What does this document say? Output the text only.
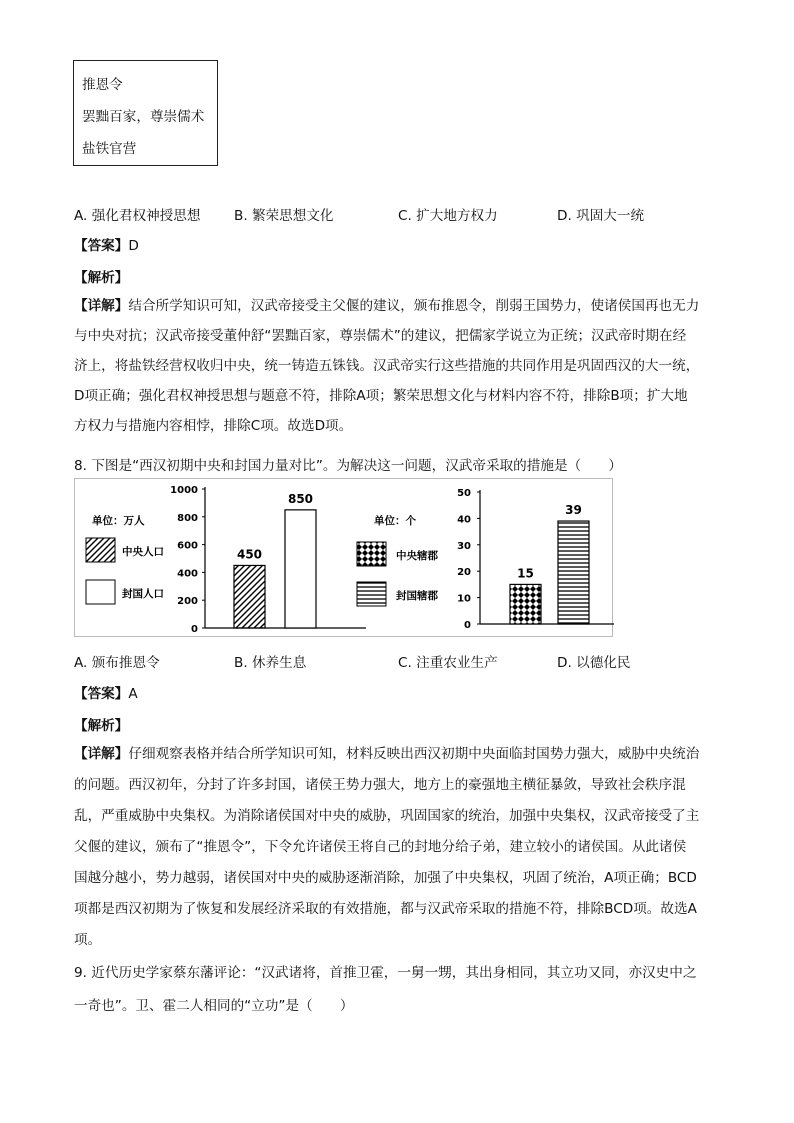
推恩令
罢黜百家，尊崇儒术
盐铁官营
A. 强化君权神授思想 B. 繁荣思想文化	C. 扩大地方权力	D. 巩固大一统
【答案】D
【解析】
【详解】结合所学知识可知，汉武帝接受主父偃的建议，颁布推恩令，削弱王国势力，使诸侯国再也无力
与中央对抗；汉武帝接受董仲舒“罢黜百家，尊崇儒术”的建议，把儒家学说立为正统；汉武帝时期在经
济上，将盐铁经营权收归中央，统一铸造五铢钱。汉武帝实行这些措施的共同作用是巩固西汉的大一统，
D项正确；强化君权神授思想与题意不符，排除A项；繁荣思想文化与材料内容不符，排除B项；扩大地
方权力与措施内容相悖，排除C项。故选D项。
8. 下图是“西汉初期中央和封国力量对比”。为解决这一问题，汉武帝采取的措施是（　　）
单位：万人
中央人口
封国人口
0
200
400
600
800
1000
450
850
单位：个
中央辖郡
封国辖郡
0
10
20
30
40
50
15
39
A. 颁布推恩令	B. 休养生息	C. 注重农业生产	D. 以德化民
【答案】A
【解析】
【详解】仔细观察表格并结合所学知识可知，材料反映出西汉初期中央面临封国势力强大，威胁中央统治
的问题。西汉初年，分封了许多封国，诸侯王势力强大，地方上的豪强地主横征暴敛，导致社会秩序混
乱，严重威胁中央集权。为消除诸侯国对中央的威胁，巩固国家的统治，加强中央集权，汉武帝接受了主
父偃的建议，颁布了“推恩令”，下令允许诸侯王将自己的封地分给子弟，建立较小的诸侯国。从此诸侯
国越分越小，势力越弱，诸侯国对中央的威胁逐渐消除，加强了中央集权，巩固了统治，A项正确；BCD
项都是西汉初期为了恢复和发展经济采取的有效措施，都与汉武帝采取的措施不符，排除BCD项。故选A
项。
9. 近代历史学家蔡东藩评论：“汉武诸将，首推卫霍，一舅一甥，其出身相同，其立功又同，亦汉史中之
一奇也”。卫、霍二人相同的“立功”是（　　）
